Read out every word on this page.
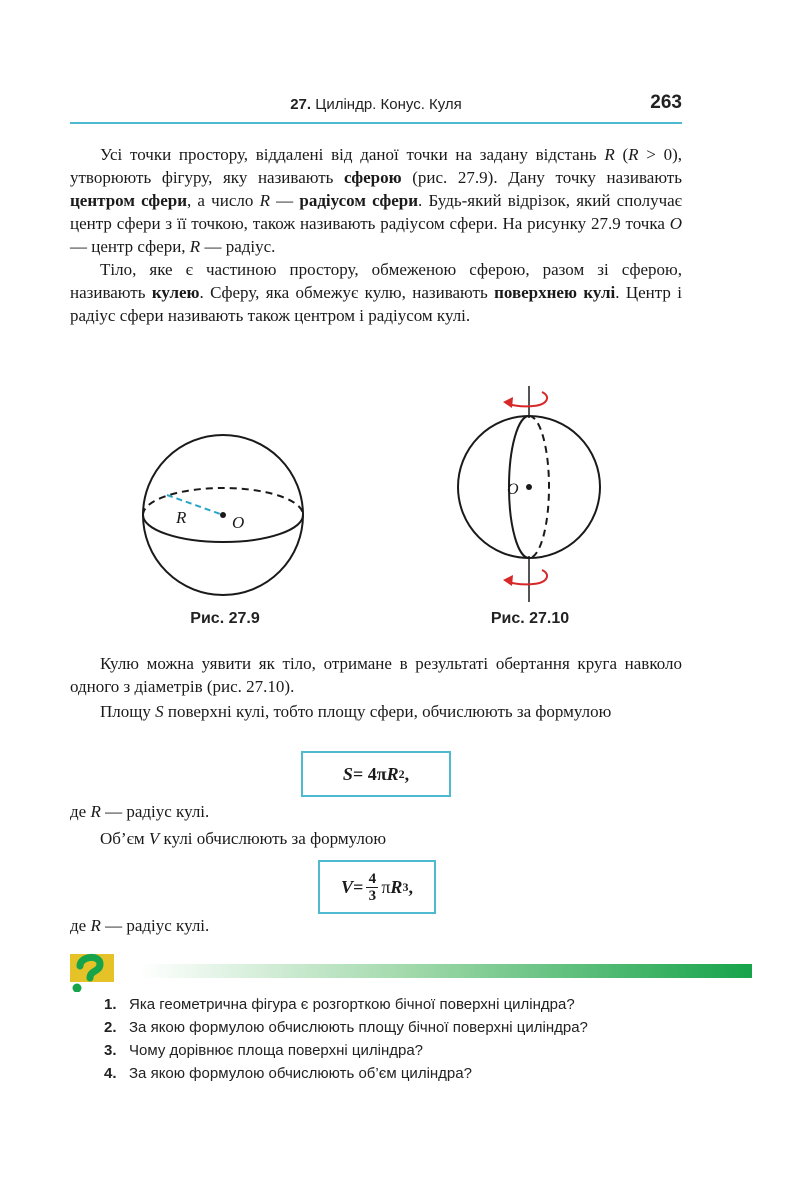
27. Циліндр. Конус. Куля	263

Усі точки простору, віддалені від даної точки на задану відстань R (R > 0), утворюють фігуру, яку називають сферою (рис. 27.9). Дану точку називають центром сфери, а число R — радіусом сфери. Будь-який відрізок, який сполучає центр сфери з її точкою, також називають радіусом сфери. На рисунку 27.9 точка O — центр сфери, R — радіус.

Тіло, яке є частиною простору, обмеженою сферою, разом зі сферою, називають кулею. Сферу, яка обмежує кулю, називають поверхнею кулі. Центр і радіус сфери називають також центром і радіусом кулі.

R	O
Рис. 27.9
O
Рис. 27.10

Кулю можна уявити як тіло, отримане в результаті обертання круга навколо одного з діаметрів (рис. 27.10).

Площу S поверхні кулі, тобто площу сфери, обчислюють за формулою

S = 4π R 2 ,

де R — радіус кулі.

Об’єм V кулі обчислюють за формулою

$V = \frac{4}{3}$ π R 3 ,

де R — радіус кулі.

1. Яка геометрична фігура є розгорткою бічної поверхні циліндра?
2. За якою формулою обчислюють площу бічної поверхні циліндра?
3. Чому дорівнює площа поверхні циліндра?
4. За якою формулою обчислюють об’єм циліндра?
